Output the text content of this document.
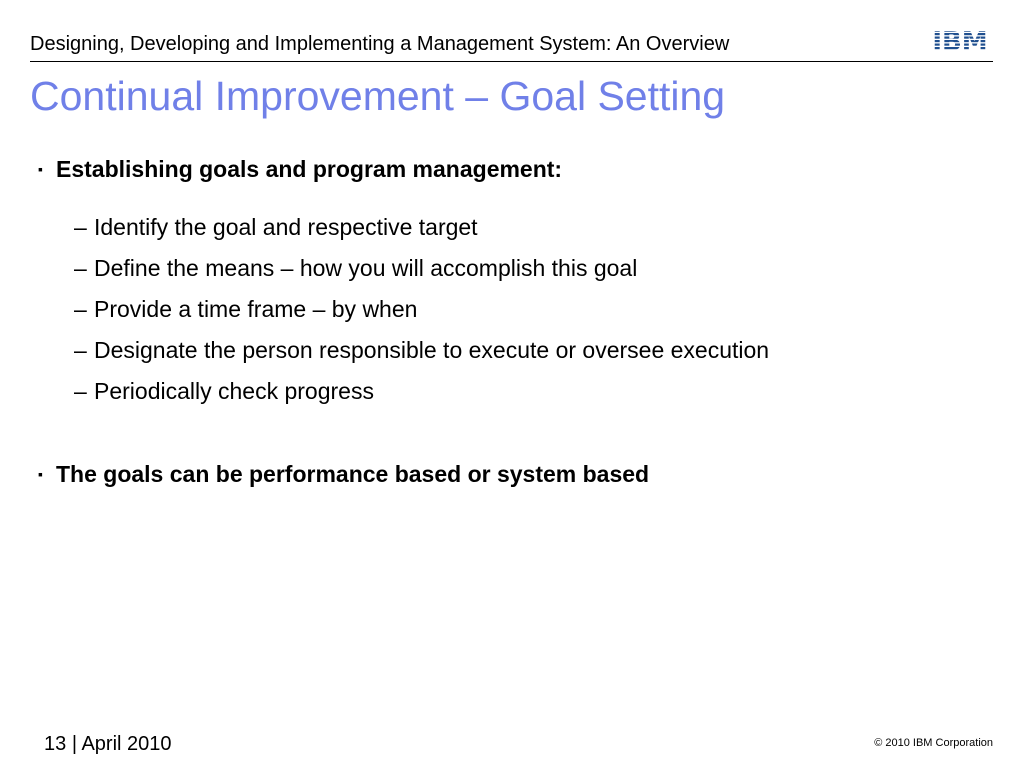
Designing, Developing and Implementing a Management System: An Overview
Continual Improvement – Goal Setting
▪ Establishing goals and program management:
– Identify the goal and respective target
– Define the means – how you will accomplish this goal
– Provide a time frame – by when
– Designate the person responsible to execute or oversee execution
– Periodically check progress
▪ The goals can be performance based or system based
13 | April 2010	© 2010 IBM Corporation
